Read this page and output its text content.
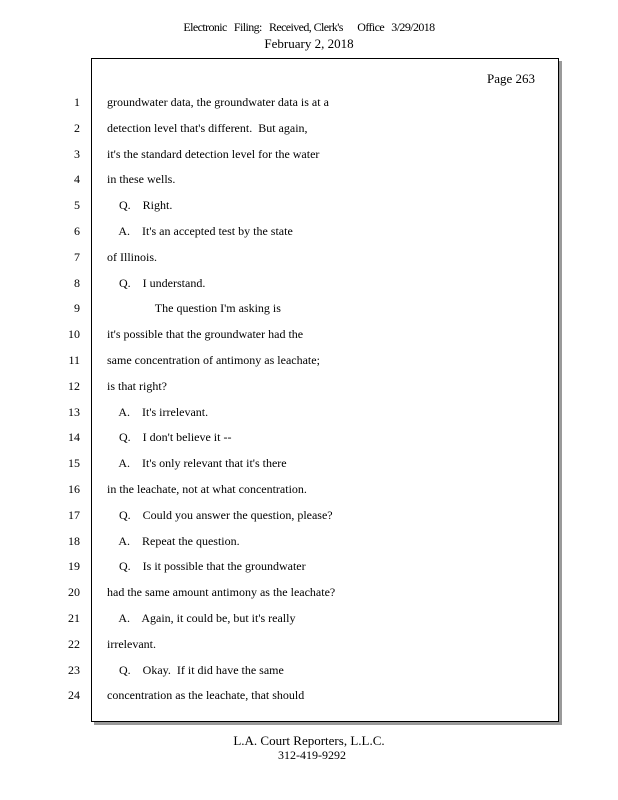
Electronic   Filing:   Received, Clerk's      Office   3/29/2018
February 2, 2018
Page 263
1 groundwater data, the groundwater data is at a
2 detection level that's different.  But again,
3 it's the standard detection level for the water
4 in these wells.
5 Q.    Right.
6 A.    It's an accepted test by the state
7 of Illinois.
8 Q.    I understand.
9 The question I'm asking is
10 it's possible that the groundwater had the
11 same concentration of antimony as leachate;
12 is that right?
13 A.    It's irrelevant.
14 Q.    I don't believe it --
15 A.    It's only relevant that it's there
16 in the leachate, not at what concentration.
17 Q.    Could you answer the question, please?
18 A.    Repeat the question.
19 Q.    Is it possible that the groundwater
20 had the same amount antimony as the leachate?
21 A.    Again, it could be, but it's really
22 irrelevant.
23 Q.    Okay.  If it did have the same
24 concentration as the leachate, that should
L.A. Court Reporters, L.L.C.
312-419-9292
